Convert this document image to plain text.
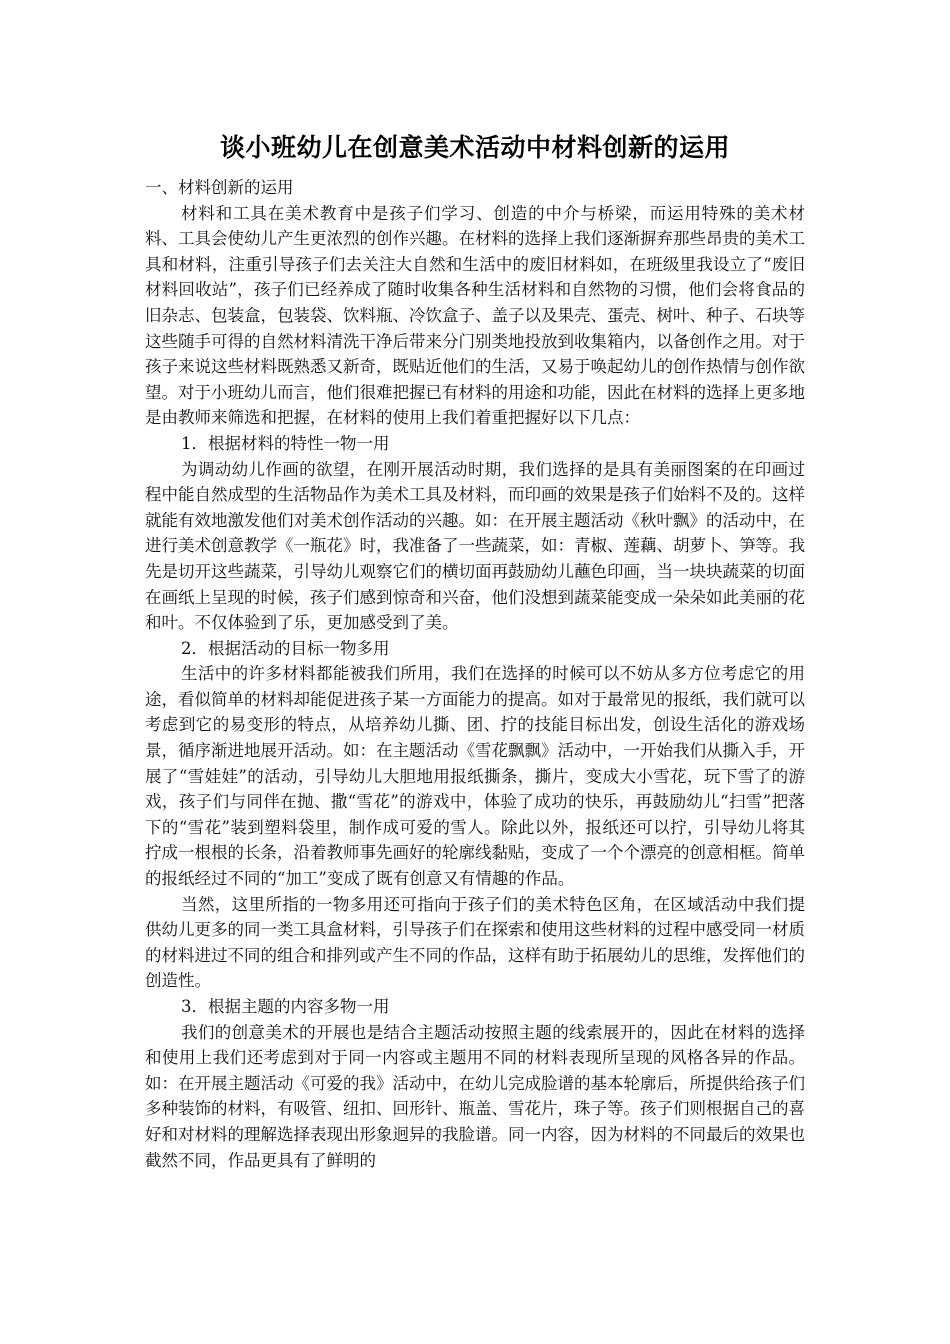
谈小班幼儿在创意美术活动中材料创新的运用

一、材料创新的运用

材料和工具在美术教育中是孩子们学习、创造的中介与桥梁，而运用特殊的美术材料、工具会使幼儿产生更浓烈的创作兴趣。在材料的选择上我们逐渐摒弃那些昂贵的美术工具和材料，注重引导孩子们去关注大自然和生活中的废旧材料如，在班级里我设立了“废旧材料回收站”，孩子们已经养成了随时收集各种生活材料和自然物的习惯，他们会将食品的旧杂志、包装盒，包装袋、饮料瓶、冷饮盒子、盖子以及果壳、蛋壳、树叶、种子、石块等这些随手可得的自然材料清洗干净后带来分门别类地投放到收集箱内，以备创作之用。对于孩子来说这些材料既熟悉又新奇，既贴近他们的生活，又易于唤起幼儿的创作热情与创作欲望。对于小班幼儿而言，他们很难把握已有材料的用途和功能，因此在材料的选择上更多地是由教师来筛选和把握，在材料的使用上我们着重把握好以下几点：

1．根据材料的特性一物一用

为调动幼儿作画的欲望，在刚开展活动时期，我们选择的是具有美丽图案的在印画过程中能自然成型的生活物品作为美术工具及材料，而印画的效果是孩子们始料不及的。这样就能有效地激发他们对美术创作活动的兴趣。如：在开展主题活动《秋叶飘》的活动中，在进行美术创意教学《一瓶花》时，我准备了一些蔬菜，如：青椒、莲藕、胡萝卜、笋等。我先是切开这些蔬菜，引导幼儿观察它们的横切面再鼓励幼儿蘸色印画，当一块块蔬菜的切面在画纸上呈现的时候，孩子们感到惊奇和兴奋，他们没想到蔬菜能变成一朵朵如此美丽的花和叶。不仅体验到了乐，更加感受到了美。

2．根据活动的目标一物多用

生活中的许多材料都能被我们所用，我们在选择的时候可以不妨从多方位考虑它的用途，看似简单的材料却能促进孩子某一方面能力的提高。如对于最常见的报纸，我们就可以考虑到它的易变形的特点，从培养幼儿撕、团、拧的技能目标出发，创设生活化的游戏场景，循序渐进地展开活动。如：在主题活动《雪花飘飘》活动中，一开始我们从撕入手，开展了“雪娃娃”的活动，引导幼儿大胆地用报纸撕条，撕片，变成大小雪花，玩下雪了的游戏，孩子们与同伴在抛、撒“雪花”的游戏中，体验了成功的快乐，再鼓励幼儿“扫雪”把落下的“雪花”装到塑料袋里，制作成可爱的雪人。除此以外，报纸还可以拧，引导幼儿将其拧成一根根的长条，沿着教师事先画好的轮廓线黏贴，变成了一个个漂亮的创意相框。简单的报纸经过不同的“加工”变成了既有创意又有情趣的作品。

当然，这里所指的一物多用还可指向于孩子们的美术特色区角，在区域活动中我们提供幼儿更多的同一类工具盒材料，引导孩子们在探索和使用这些材料的过程中感受同一材质的材料进过不同的组合和排列或产生不同的作品，这样有助于拓展幼儿的思维，发挥他们的创造性。

3．根据主题的内容多物一用

我们的创意美术的开展也是结合主题活动按照主题的线索展开的，因此在材料的选择和使用上我们还考虑到对于同一内容或主题用不同的材料表现所呈现的风格各异的作品。如：在开展主题活动《可爱的我》活动中，在幼儿完成脸谱的基本轮廓后，所提供给孩子们多种装饰的材料，有吸管、纽扣、回形针、瓶盖、雪花片，珠子等。孩子们则根据自己的喜好和对材料的理解选择表现出形象迥异的我脸谱。同一内容，因为材料的不同最后的效果也截然不同，作品更具有了鲜明的
